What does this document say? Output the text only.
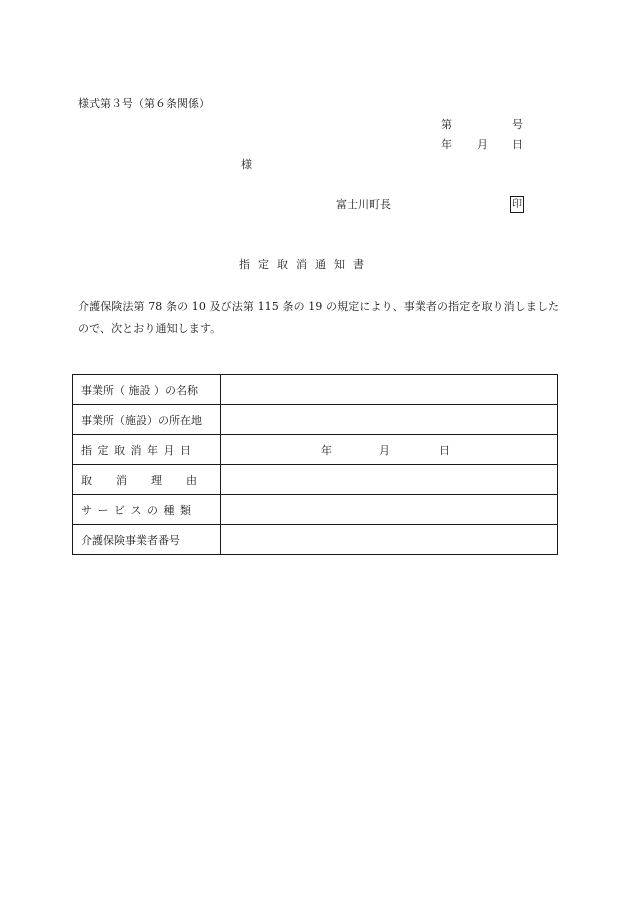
様式第３号（第６条関係）
第	号
年 月 日
様
富士川町長	印
指定取消通知書
介護保険法第 78 条の 10 及び法第 115 条の 19 の規定により、事業者の指定を取り消しましたので、次とおり通知します。
事業所（ 施設 ）の名称	
事業所（施設）の所在地	
指定取消年月日	年 月 日

取消理由	
サービスの種類	
介護保険事業者番号	
